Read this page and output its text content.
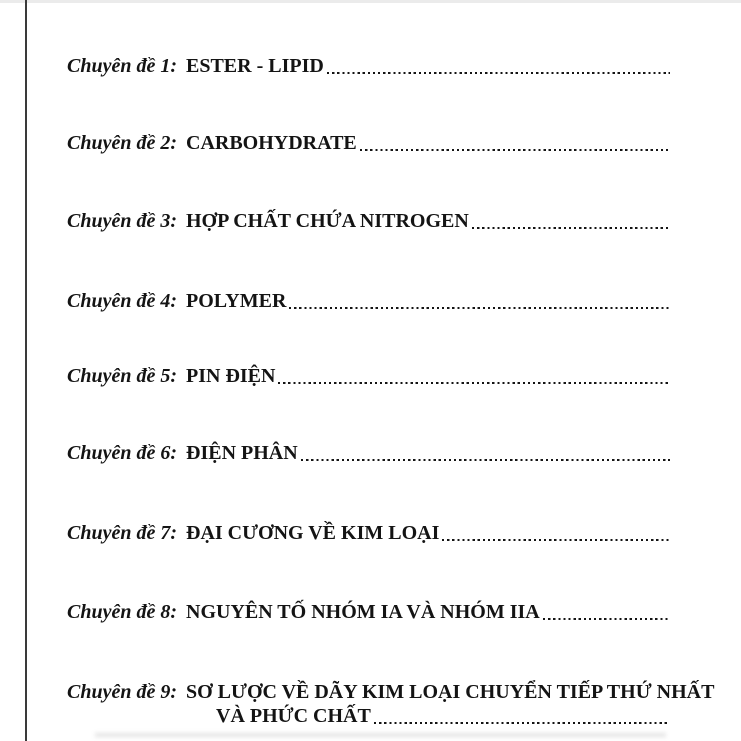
Chuyên đề 1: ESTER - LIPID
Chuyên đề 2: CARBOHYDRATE
Chuyên đề 3: HỢP CHẤT CHỨA NITROGEN
Chuyên đề 4: POLYMER
Chuyên đề 5: PIN ĐIỆN
Chuyên đề 6: ĐIỆN PHÂN
Chuyên đề 7: ĐẠI CƯƠNG VỀ KIM LOẠI
Chuyên đề 8: NGUYÊN TỐ NHÓM IA VÀ NHÓM IIA
Chuyên đề 9: SƠ LƯỢC VỀ DÃY KIM LOẠI CHUYỂN TIẾP THỨ NHẤT
VÀ PHỨC CHẤT
